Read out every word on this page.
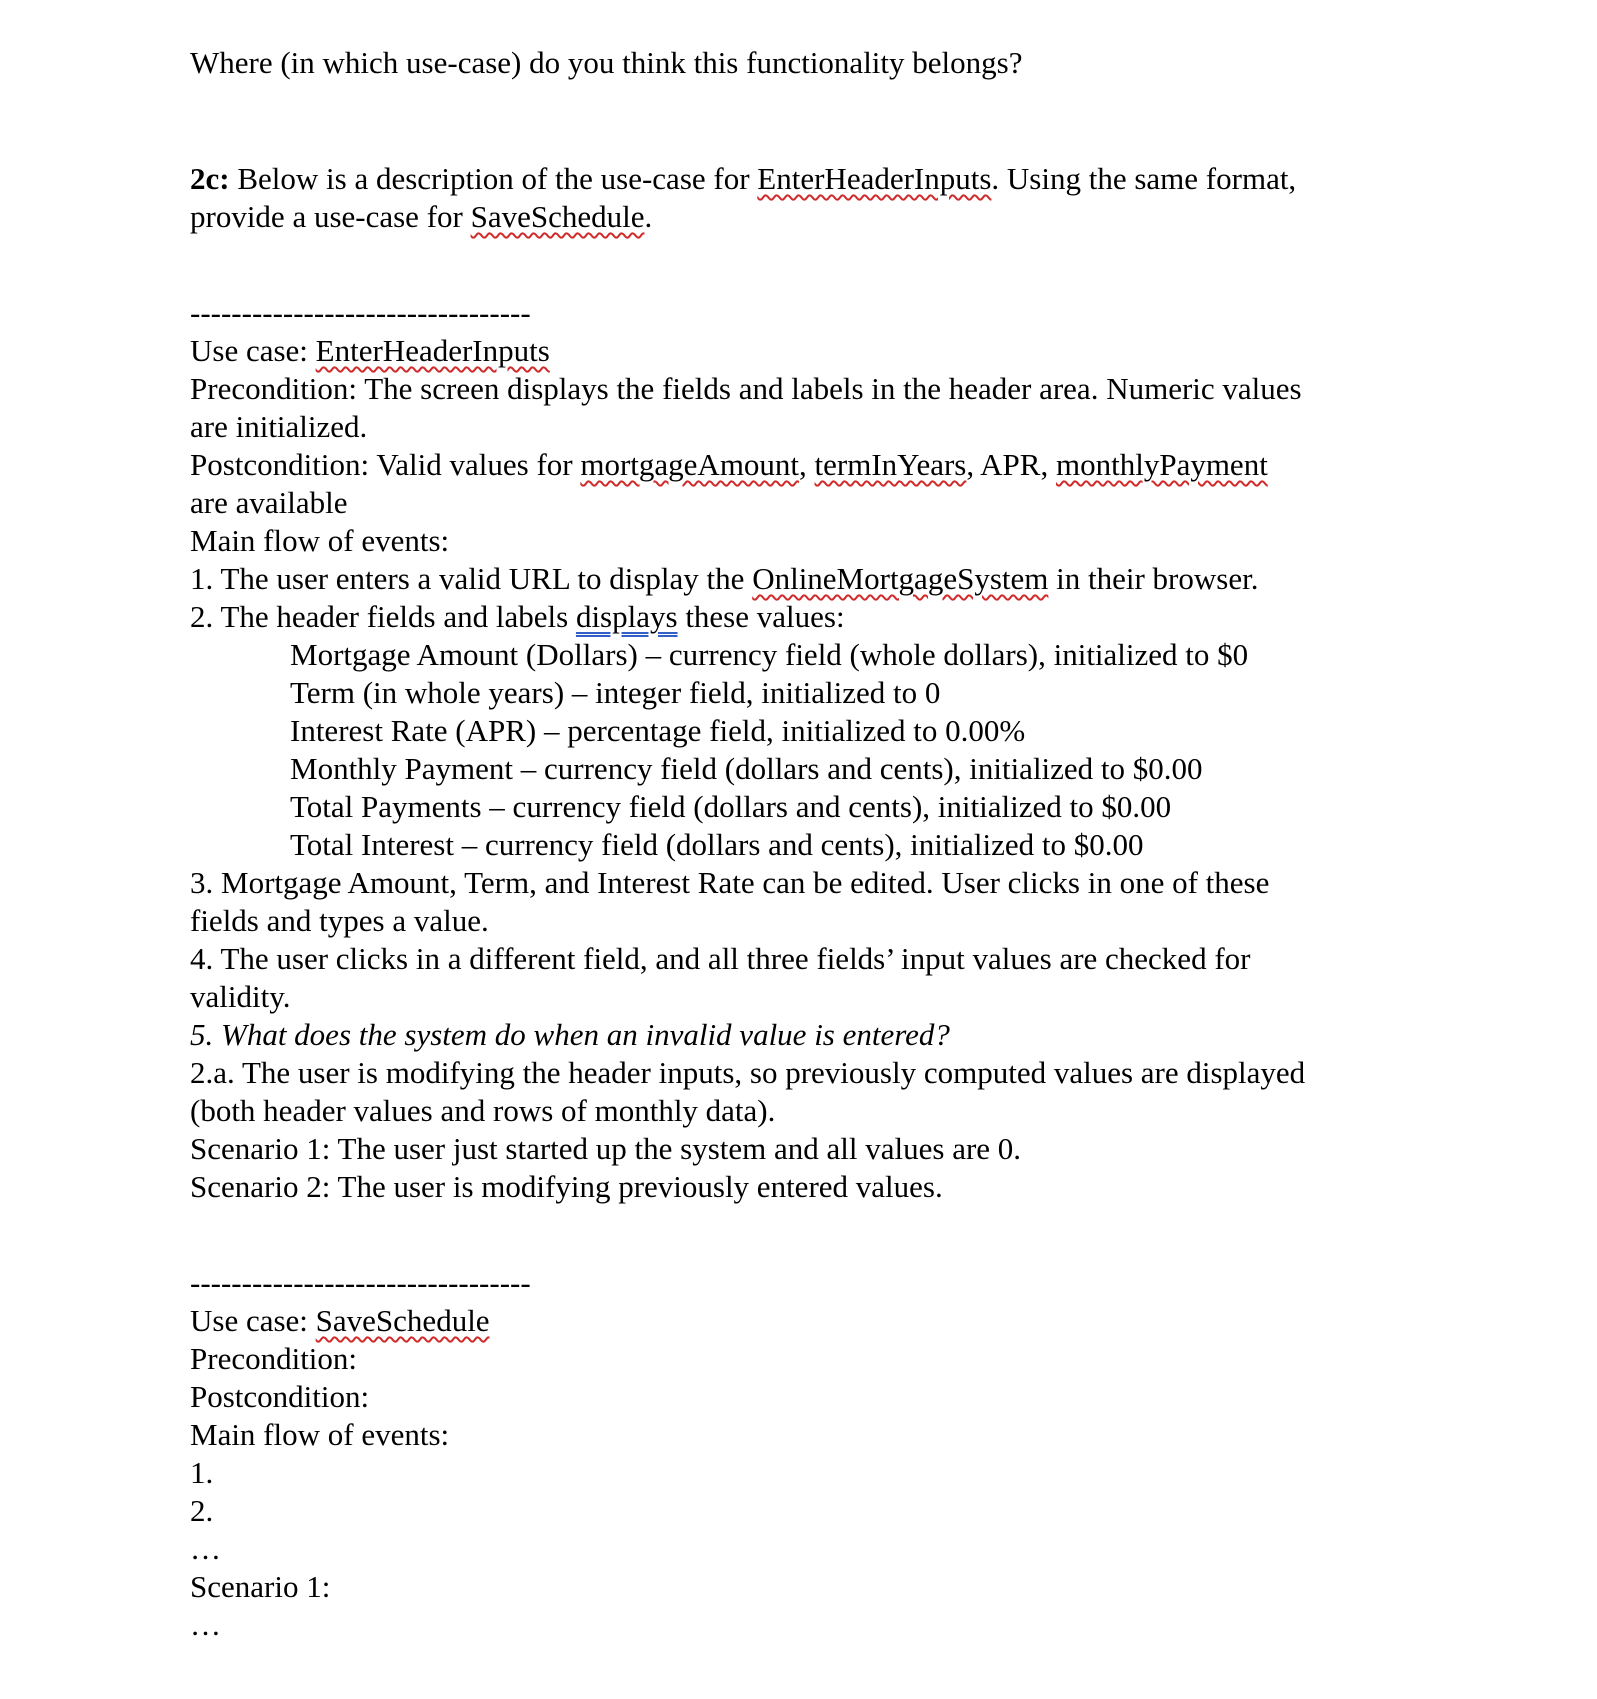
Where (in which use-case) do you think this functionality belongs?
2c: Below is a description of the use-case for EnterHeaderInputs. Using the same format,
provide a use-case for SaveSchedule.
---------------------------------
Use case: EnterHeaderInputs
Precondition: The screen displays the fields and labels in the header area. Numeric values
are initialized.
Postcondition: Valid values for mortgageAmount, termInYears, APR, monthlyPayment
are available
Main flow of events:
1. The user enters a valid URL to display the OnlineMortgageSystem in their browser.
2. The header fields and labels displays these values:
Mortgage Amount (Dollars) – currency field (whole dollars), initialized to $0
Term (in whole years) – integer field, initialized to 0
Interest Rate (APR) – percentage field, initialized to 0.00%
Monthly Payment – currency field (dollars and cents), initialized to $0.00
Total Payments – currency field (dollars and cents), initialized to $0.00
Total Interest – currency field (dollars and cents), initialized to $0.00
3. Mortgage Amount, Term, and Interest Rate can be edited. User clicks in one of these
fields and types a value.
4. The user clicks in a different field, and all three fields’ input values are checked for
validity.
5. What does the system do when an invalid value is entered?
2.a. The user is modifying the header inputs, so previously computed values are displayed
(both header values and rows of monthly data).
Scenario 1: The user just started up the system and all values are 0.
Scenario 2: The user is modifying previously entered values.
---------------------------------
Use case: SaveSchedule
Precondition:
Postcondition:
Main flow of events:
1.
2.
…
Scenario 1:
…
